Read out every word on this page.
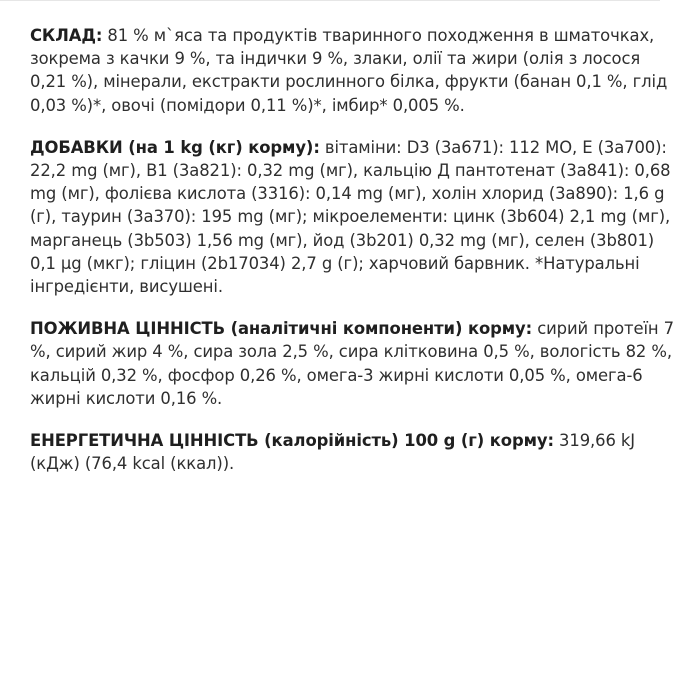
СКЛАД: 81 % м`яса та продуктів тваринного походження в шматочках, зокрема з качки 9 %, та індички 9 %, злаки, олії та жири (олія з лосося 0,21 %), мінерали, екстракти рослинного білка, фрукти (банан 0,1 %, глід 0,03 %)*, овочі (помідори 0,11 %)*, імбир* 0,005 %.

ДОБАВКИ (на 1 kg (кг) корму): вітаміни: D3 (3a671): 112 МО, E (3a700): 22,2 mg (мг), B1 (3a821): 0,32 mg (мг), кальцію Д пантотенат (3a841): 0,68 mg (мг), фолієва кислота (3316): 0,14 mg (мг), холін хлорид (3a890): 1,6 g (г), таурин (3a370): 195 mg (мг); мікроелементи: цинк (3b604) 2,1 mg (мг), марганець (3b503) 1,56 mg (мг), йод (3b201) 0,32 mg (мг), селен (3b801) 0,1 µg (мкг); гліцин (2b17034) 2,7 g (г); харчовий барвник. *Натуральні інгредієнти, висушені.

ПОЖИВНА ЦІННІСТЬ (аналітичні компоненти) корму: сирий протеїн 7 %, сирий жир 4 %, сира зола 2,5 %, сира клітковина 0,5 %, вологість 82 %, кальцій 0,32 %, фосфор 0,26 %, омега-3 жирні кислоти 0,05 %, омега-6 жирні кислоти 0,16 %.

ЕНЕРГЕТИЧНА ЦІННІСТЬ (калорійність) 100 g (г) корму: 319,66 kJ (кДж) (76,4 kcal (ккал)).
